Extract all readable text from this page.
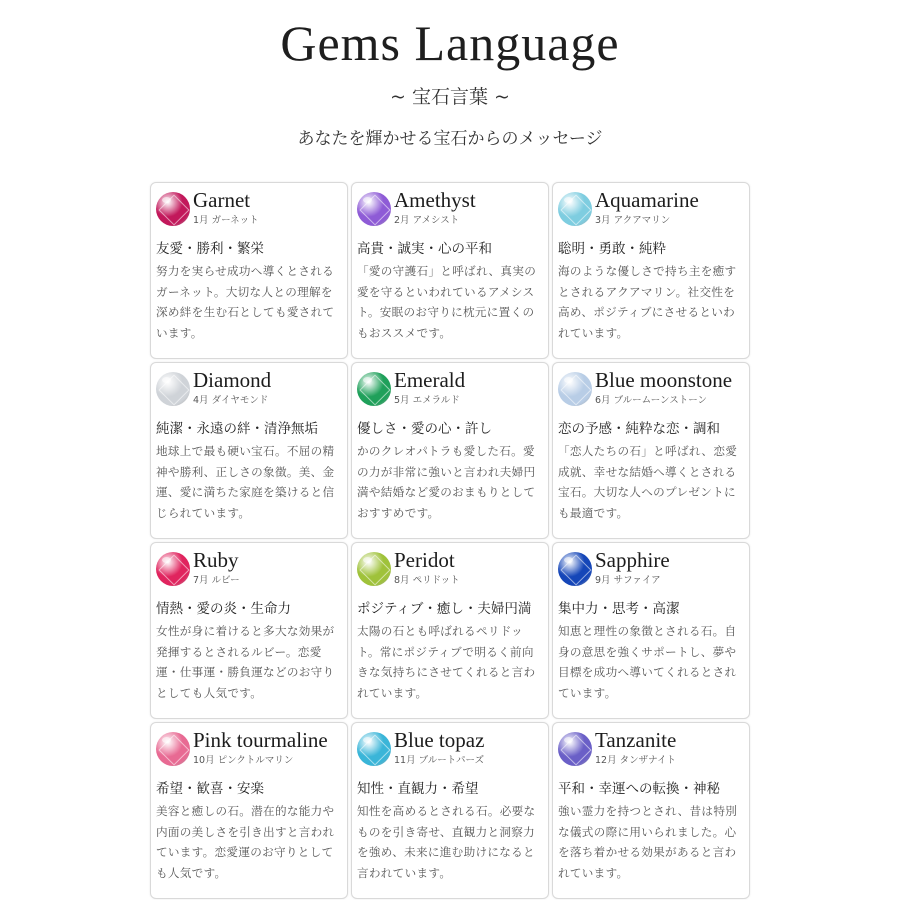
Gems Language
~ 宝石言葉 ~
あなたを輝かせる宝石からのメッセージ
Garnet
1月 ガーネット
友愛・勝利・繁栄
努力を実らせ成功へ導くとされるガーネット。大切な人との理解を深め絆を生む石としても愛されています。
Amethyst
2月 アメシスト
高貴・誠実・心の平和
「愛の守護石」と呼ばれ、真実の愛を守るといわれているアメシスト。安眠のお守りに枕元に置くのもおススメです。
Aquamarine
3月 アクアマリン
聡明・勇敢・純粋
海のような優しさで持ち主を癒すとされるアクアマリン。社交性を高め、ポジティブにさせるといわれています。
Diamond
4月 ダイヤモンド
純潔・永遠の絆・清浄無垢
地球上で最も硬い宝石。不屈の精神や勝利、正しさの象徴。美、金運、愛に満ちた家庭を築けると信じられています。
Emerald
5月 エメラルド
優しさ・愛の心・許し
かのクレオパトラも愛した石。愛の力が非常に強いと言われ夫婦円満や結婚など愛のおまもりとしておすすめです。
Blue moonstone
6月 ブルームーンストーン
恋の予感・純粋な恋・調和
「恋人たちの石」と呼ばれ、恋愛成就、幸せな結婚へ導くとされる宝石。大切な人へのプレゼントにも最適です。
Ruby
7月 ルビー
情熱・愛の炎・生命力
女性が身に着けると多大な効果が発揮するとされるルビー。恋愛運・仕事運・勝負運などのお守りとしても人気です。
Peridot
8月 ペリドット
ポジティブ・癒し・夫婦円満
太陽の石とも呼ばれるペリドット。常にポジティブで明るく前向きな気持ちにさせてくれると言われています。
Sapphire
9月 サファイア
集中力・思考・高潔
知恵と理性の象徴とされる石。自身の意思を強くサポートし、夢や目標を成功へ導いてくれるとされています。
Pink tourmaline
10月 ピンクトルマリン
希望・歓喜・安楽
美容と癒しの石。潜在的な能力や内面の美しさを引き出すと言われています。恋愛運のお守りとしても人気です。
Blue topaz
11月 ブルートパーズ
知性・直観力・希望
知性を高めるとされる石。必要なものを引き寄せ、直観力と洞察力を強め、未来に進む助けになると言われています。
Tanzanite
12月 タンザナイト
平和・幸運への転換・神秘
強い霊力を持つとされ、昔は特別な儀式の際に用いられました。心を落ち着かせる効果があると言われています。
